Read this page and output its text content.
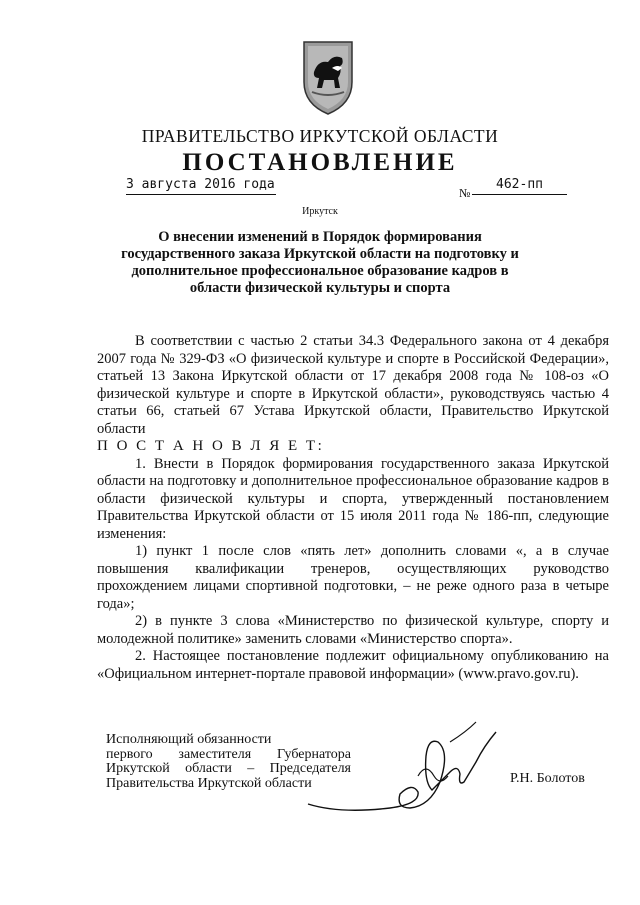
ПРАВИТЕЛЬСТВО ИРКУТСКОЙ ОБЛАСТИ
ПОСТАНОВЛЕНИЕ
3 августа 2016 года
№
462-пп
Иркутск
О внесении изменений в Порядок формирования государственного заказа Иркутской области на подготовку и дополнительное профессиональное образование кадров в области физической культуры и спорта

В соответствии с частью 2 статьи 34.3 Федерального закона от 4 декабря 2007 года № 329-ФЗ «О физической культуре и спорте в Российской Федерации», статьей 13 Закона Иркутской области от 17 декабря 2008 года № 108-оз «О физической культуре и спорте в Иркутской области», руководствуясь частью 4 статьи 66, статьей 67 Устава Иркутской области, Правительство Иркутской области

П О С Т А Н О В Л Я Е Т:

1. Внести в Порядок формирования государственного заказа Иркутской области на подготовку и дополнительное профессиональное образование кадров в области физической культуры и спорта, утвержденный постановлением Правительства Иркутской области от 15 июля 2011 года № 186-пп, следующие изменения:

1) пункт 1 после слов «пять лет» дополнить словами «, а в случае повышения квалификации тренеров, осуществляющих руководство прохождением лицами спортивной подготовки, – не реже одного раза в четыре года»;

2) в пункте 3 слова «Министерство по физической культуре, спорту и молодежной политике» заменить словами «Министерство спорта».

2. Настоящее постановление подлежит официальному опубликованию на «Официальном интернет-портале правовой информации» (www.pravo.gov.ru).

Исполняющий обязанности
первого заместителя Губернатора
Иркутской области – Председателя
Правительства Иркутской области	Р.Н. Болотов
